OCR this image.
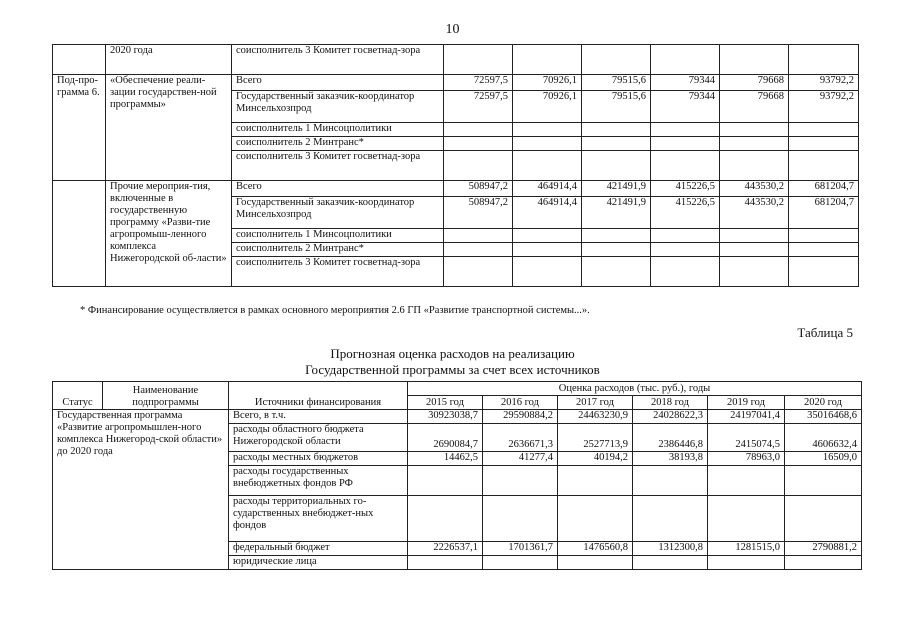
10
	2020 года	соисполнитель 3 Комитет госветнад-зора						
Под-про-грамма 6.	«Обеспечение реали-зации государствен-ной программы»	Всего	72597,5	70926,1	79515,6	79344	79668	93792,2
		Государственный заказчик-координатор Минсельхозпрод	72597,5	70926,1	79515,6	79344	79668	93792,2
		соисполнитель 1 Минсоцполитики						
		соисполнитель 2 Минтранс*						
		соисполнитель 3 Комитет госветнад-зора						
	Прочие мероприя-тия, включенные в государственную программу «Разви-тие агропромыш-ленного комплекса Нижегородской об-ласти»	Всего	508947,2	464914,4	421491,9	415226,5	443530,2	681204,7
		Государственный заказчик-координатор Минсельхозпрод	508947,2	464914,4	421491,9	415226,5	443530,2	681204,7
		соисполнитель 1 Минсоцполитики						
		соисполнитель 2 Минтранс*						
		соисполнитель 3 Комитет госветнад-зора						
* Финансирование осуществляется в рамках основного мероприятия 2.6 ГП «Развитие транспортной системы...».
Таблица 5
Прогнозная оценка расходов на реализацию
Государственной программы за счет всех источников
Статус	Наименование подпрограммы	Источники финансирования	Оценка расходов (тыс. руб.), годы					
			2015 год	2016 год	2017 год	2018 год	2019 год	2020 год
Государственная программа «Развитие агропромышлен-ного комплекса Нижегород-ской области» до 2020 года		Всего, в т.ч.	30923038,7	29590884,2	24463230,9	24028622,3	24197041,4	35016468,6
		расходы областного бюджета Нижегородской области	2690084,7	2636671,3	2527713,9	2386446,8	2415074,5	4606632,4
		расходы местных бюджетов	14462,5	41277,4	40194,2	38193,8	78963,0	16509,0
		расходы государственных внебюджетных фондов РФ						
		расходы территориальных го-сударственных внебюджет-ных фондов						
		федеральный бюджет	2226537,1	1701361,7	1476560,8	1312300,8	1281515,0	2790881,2
		юридические лица						
